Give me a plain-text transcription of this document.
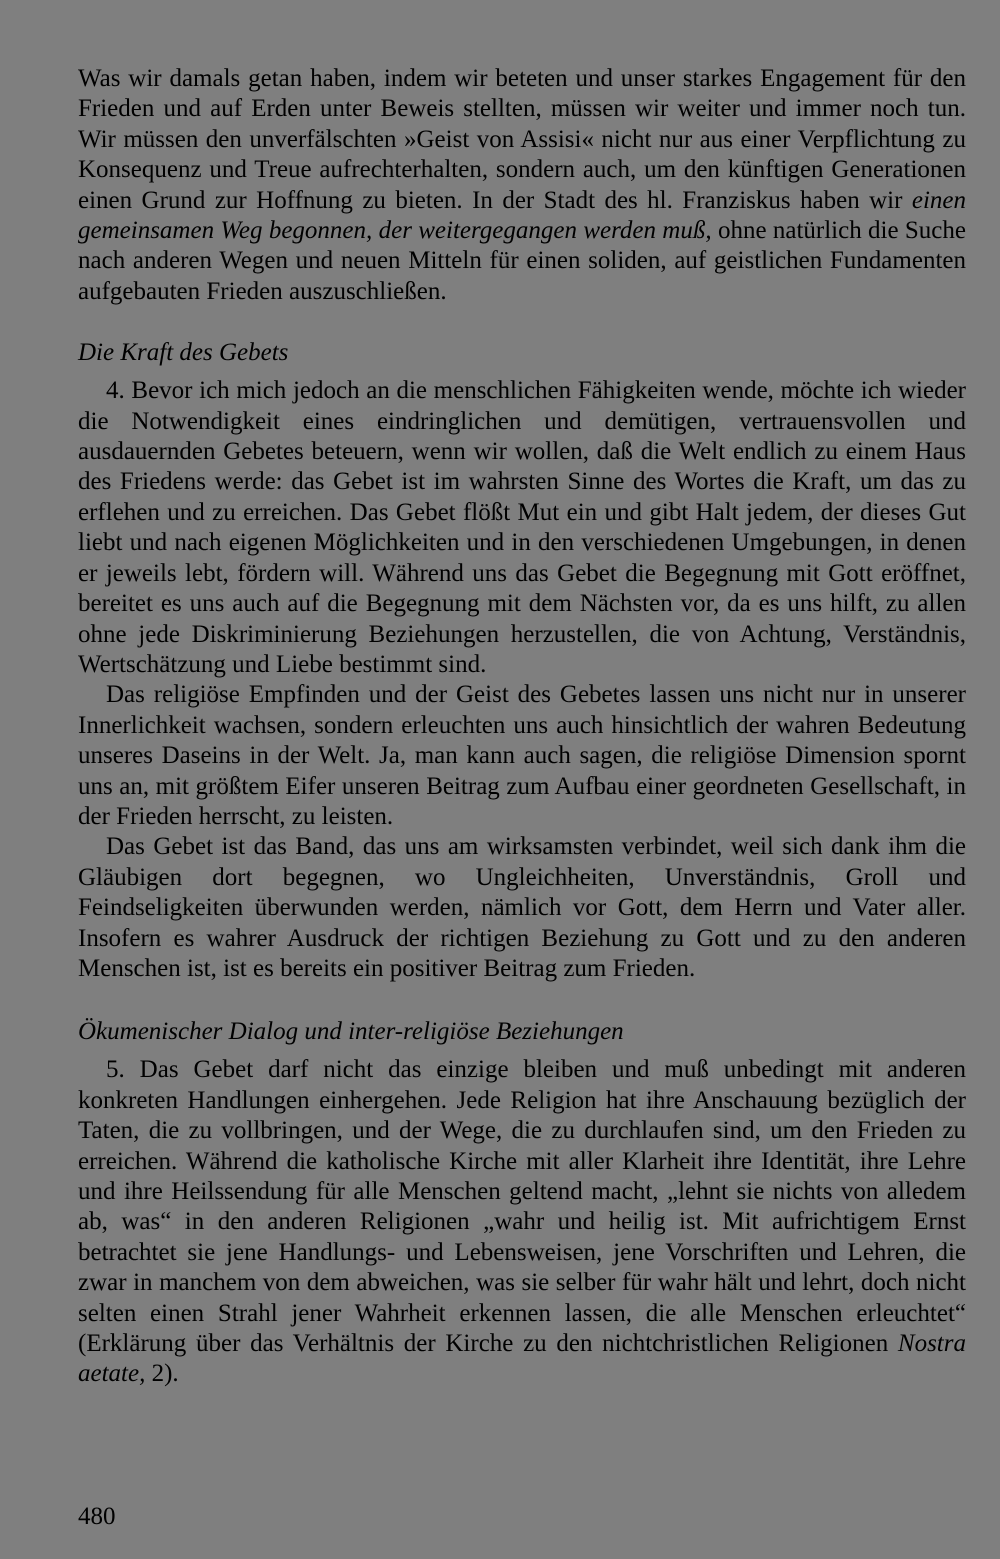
Was wir damals getan haben, indem wir beteten und unser starkes Engagement für den Frieden und auf Erden unter Beweis stellten, müssen wir weiter und immer noch tun. Wir müssen den unverfälschten »Geist von Assisi« nicht nur aus einer Verpflichtung zu Konsequenz und Treue aufrechterhalten, sondern auch, um den künftigen Generationen einen Grund zur Hoffnung zu bieten. In der Stadt des hl. Franziskus haben wir einen gemeinsamen Weg begonnen, der weitergegangen werden muß, ohne natürlich die Suche nach anderen Wegen und neuen Mitteln für einen soliden, auf geistlichen Fundamenten aufgebauten Frieden auszuschließen.

Die Kraft des Gebets

4. Bevor ich mich jedoch an die menschlichen Fähigkeiten wende, möchte ich wieder die Notwendigkeit eines eindringlichen und demütigen, vertrauensvollen und ausdauernden Gebetes beteuern, wenn wir wollen, daß die Welt endlich zu einem Haus des Friedens werde: das Gebet ist im wahrsten Sinne des Wortes die Kraft, um das zu erflehen und zu erreichen. Das Gebet flößt Mut ein und gibt Halt jedem, der dieses Gut liebt und nach eigenen Möglichkeiten und in den verschiedenen Umgebungen, in denen er jeweils lebt, fördern will. Während uns das Gebet die Begegnung mit Gott eröffnet, bereitet es uns auch auf die Begegnung mit dem Nächsten vor, da es uns hilft, zu allen ohne jede Diskriminierung Beziehungen herzustellen, die von Achtung, Verständnis, Wertschätzung und Liebe bestimmt sind.

Das religiöse Empfinden und der Geist des Gebetes lassen uns nicht nur in unserer Innerlichkeit wachsen, sondern erleuchten uns auch hinsichtlich der wahren Bedeutung unseres Daseins in der Welt. Ja, man kann auch sagen, die religiöse Dimension spornt uns an, mit größtem Eifer unseren Beitrag zum Aufbau einer geordneten Gesellschaft, in der Frieden herrscht, zu leisten.

Das Gebet ist das Band, das uns am wirksamsten verbindet, weil sich dank ihm die Gläubigen dort begegnen, wo Ungleichheiten, Unverständnis, Groll und Feindseligkeiten überwunden werden, nämlich vor Gott, dem Herrn und Vater aller. Insofern es wahrer Ausdruck der richtigen Beziehung zu Gott und zu den anderen Menschen ist, ist es bereits ein positiver Beitrag zum Frieden.

Ökumenischer Dialog und inter-religiöse Beziehungen

5. Das Gebet darf nicht das einzige bleiben und muß unbedingt mit anderen konkreten Handlungen einhergehen. Jede Religion hat ihre Anschauung bezüglich der Taten, die zu vollbringen, und der Wege, die zu durchlaufen sind, um den Frieden zu erreichen. Während die katholische Kirche mit aller Klarheit ihre Identität, ihre Lehre und ihre Heilssendung für alle Menschen geltend macht, „lehnt sie nichts von alledem ab, was“ in den anderen Religionen „wahr und heilig ist. Mit aufrichtigem Ernst betrachtet sie jene Handlungs- und Lebensweisen, jene Vorschriften und Lehren, die zwar in manchem von dem abweichen, was sie selber für wahr hält und lehrt, doch nicht selten einen Strahl jener Wahrheit erkennen lassen, die alle Menschen erleuchtet“ (Erklärung über das Verhältnis der Kirche zu den nichtchristlichen Religionen Nostra aetate, 2).

480
